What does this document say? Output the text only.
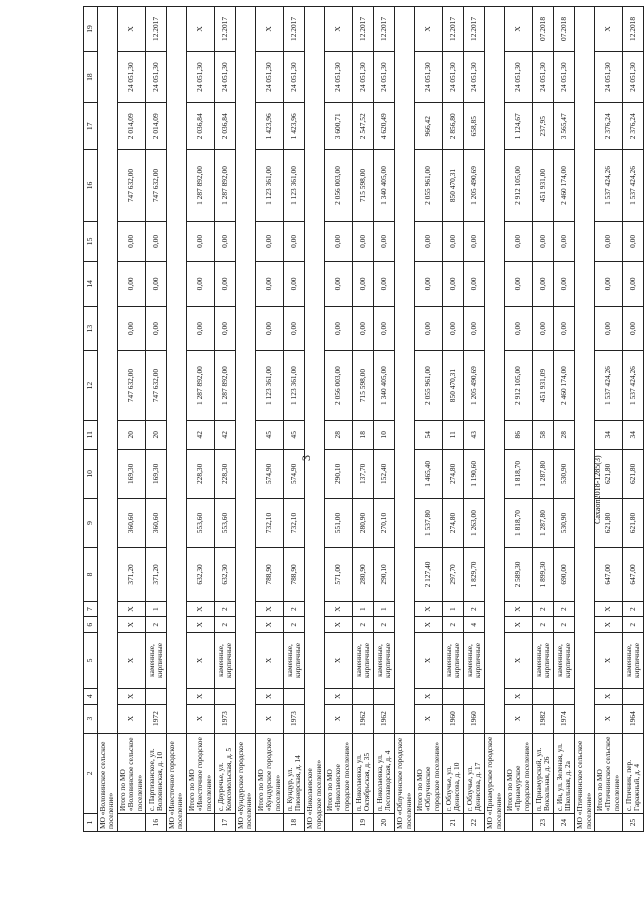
3	Сахаоп2018-1285(3)
1	2	3	4	5	6	7	8	9	10	11	12	13	14	15	16	17	18	19
МО «Воловинское сельское поселение»																		
	Итого по МО «Воловинское сельское поселение»	Х	Х	Х	Х	Х	371,20	360,60	169,30	20	747 632,00	0,00	0,00	0,00	747 632,00	2 014,09	24 051,30	Х
16	с. Партизанское, ул. Воловинская, д. 10	1972		каменные, кирпичные	2	1	371,20	360,60	169,30	20	747 632,00	0,00	0,00	0,00	747 632,00	2 014,09	24 051,30	12.2017
МО «Инесточное городское поселение»																		
	Итого по МО «Инесточное городское поселение»	Х	Х	Х	Х	Х	632,30	553,60	228,30	42	1 287 892,00	0,00	0,00	0,00	1 287 892,00	2 036,84	24 051,30	Х
17	с. Двуречье, ул. Комсомольская, д. 5	1973		каменные, кирпичные	2	2	632,30	553,60	228,30	42	1 287 892,00	0,00	0,00	0,00	1 287 892,00	2 036,84	24 051,30	12.2017
МО «Кундурское городское поселение»																		
	Итого по МО «Кундурское городское поселение»	Х	Х	Х	Х	Х	788,90	732,10	574,90	45	1 123 361,00	0,00	0,00	0,00	1 123 361,00	1 423,96	24 051,30	Х
18	п. Кундур, ул. Пионерская, д. 14	1973		каменные, кирпичные	2	2	788,90	732,10	574,90	45	1 123 361,00	0,00	0,00	0,00	1 123 361,00	1 423,96	24 051,30	12.2017
МО «Николаевское городское поселение»																		
	Итого по МО «Николаевское городское поселение»	Х	Х	Х	Х	Х	571,00	551,00	290,10	28	2 056 003,00	0,00	0,00	0,00	2 056 003,00	3 600,71	24 051,30	Х
19	п. Николаевка, ул. Октябрьская, д. 35	1962		каменные, кирпичные	2	1	280,90	280,90	137,70	18	715 598,00	0,00	0,00	0,00	715 598,00	2 547,52	24 051,30	12.2017
20	п. Николаевка, ул. Лесозаводская, д. 4	1962		каменные, кирпичные	2	1	290,10	270,10	152,40	10	1 340 405,00	0,00	0,00	0,00	1 340 405,00	4 620,49	24 051,30	12.2017
МО «Облученское городское поселение»																		
	Итого по МО «Облученское городское поселение»	Х	Х	Х	Х	Х	2 127,40	1 537,80	1 465,40	54	2 055 961,00	0,00	0,00	0,00	2 055 961,00	966,42	24 051,30	Х
21	г. Облучье, ул. Денисова, д. 10	1960		каменные, кирпичные	2	1	297,70	274,80	274,80	11	850 470,31	0,00	0,00	0,00	850 470,31	2 856,80	24 051,30	12.2017
22	г. Облучье, ул. Денисова, д. 17	1960		каменные, кирпичные	4	2	1 829,70	1 263,00	1 190,60	43	1 205 490,69	0,00	0,00	0,00	1 205 490,69	658,85	24 051,30	12.2017
МО «Приамурское городское поселение»																		
	Итого по МО «Приамурское городское поселение»	Х	Х	Х	Х	Х	2 589,30	1 818,70	1 818,70	86	2 912 105,00	0,00	0,00	0,00	2 912 105,00	1 124,67	24 051,30	Х
23	п. Приамурский, ул. Вокзальная, д. 26	1982		каменные, кирпичные	2	2	1 899,30	1 287,80	1 287,80	58	451 931,09	0,00	0,00	0,00	451 931,00	237,95	24 051,30	07.2018
24	с. Ин, ул. Зеленая, ул. Школьная, д. 2а	1974		каменные, кирпичные	2	2	690,00	530,90	530,90	28	2 460 174,00	0,00	0,00	0,00	2 460 174,00	3 565,47	24 051,30	07.2018
МО «Птичнинское сельское поселение»																		
	Итого по МО «Птичнинское сельское поселение»	Х	Х	Х	Х	Х	647,00	621,80	621,80	34	1 537 424,26	0,00	0,00	0,00	1 537 424,26	2 376,24	24 051,30	Х
25	с. Птичник, пер. Гаражный, д. 4	1964		каменные, кирпичные	2	2	647,00	621,80	621,80	34	1 537 424,26	0,00	0,00	0,00	1 537 424,26	2 376,24	24 051,30	12.2018
